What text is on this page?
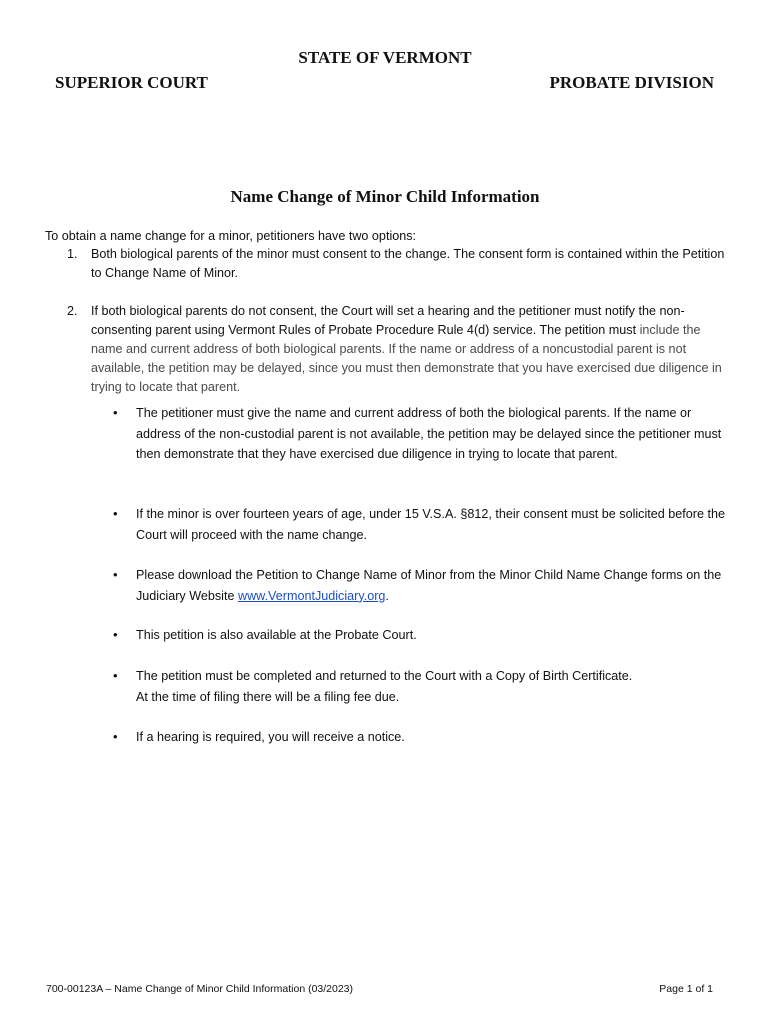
STATE OF VERMONT
SUPERIOR COURT	PROBATE DIVISION
Name Change of Minor Child Information
To obtain a name change for a minor, petitioners have two options:
1. Both biological parents of the minor must consent to the change. The consent form is contained within the Petition to Change Name of Minor.
2. If both biological parents do not consent, the Court will set a hearing and the petitioner must notify the non-consenting parent using Vermont Rules of Probate Procedure Rule 4(d) service. The petition must include the name and current address of both biological parents. If the name or address of a noncustodial parent is not available, the petition may be delayed, since you must then demonstrate that you have exercised due diligence in trying to locate that parent.
• The petitioner must give the name and current address of both the biological parents. If the name or address of the non-custodial parent is not available, the petition may be delayed since the petitioner must then demonstrate that they have exercised due diligence in trying to locate that parent.
• If the minor is over fourteen years of age, under 15 V.S.A. §812, their consent must be solicited before the Court will proceed with the name change.
• Please download the Petition to Change Name of Minor from the Minor Child Name Change forms on the Judiciary Website www.VermontJudiciary.org.
• This petition is also available at the Probate Court.
• The petition must be completed and returned to the Court with a Copy of Birth Certificate.
At the time of filing there will be a filing fee due.
• If a hearing is required, you will receive a notice.
700-00123A – Name Change of Minor Child Information (03/2023)	Page 1 of 1
